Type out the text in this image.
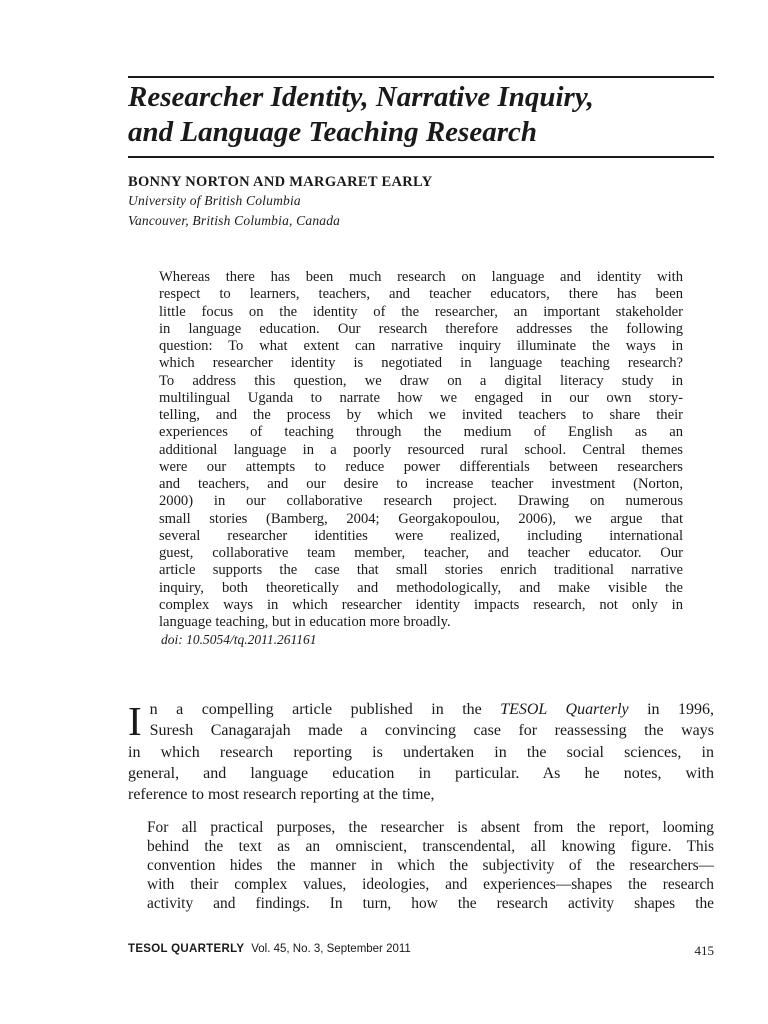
Researcher Identity, Narrative Inquiry,
and Language Teaching Research
BONNY NORTON AND MARGARET EARLY
University of British Columbia
Vancouver, British Columbia, Canada

Whereas there has been much research on language and identity with
respect to learners, teachers, and teacher educators, there has been
little focus on the identity of the researcher, an important stakeholder
in language education. Our research therefore addresses the following
question: To what extent can narrative inquiry illuminate the ways in
which researcher identity is negotiated in language teaching research?
To address this question, we draw on a digital literacy study in
multilingual Uganda to narrate how we engaged in our own story-
telling, and the process by which we invited teachers to share their
experiences of teaching through the medium of English as an
additional language in a poorly resourced rural school. Central themes
were our attempts to reduce power differentials between researchers
and teachers, and our desire to increase teacher investment (Norton,
2000) in our collaborative research project. Drawing on numerous
small stories (Bamberg, 2004; Georgakopoulou, 2006), we argue that
several researcher identities were realized, including international
guest, collaborative team member, teacher, and teacher educator. Our
article supports the case that small stories enrich traditional narrative
inquiry, both theoretically and methodologically, and make visible the
complex ways in which researcher identity impacts research, not only in
language teaching, but in education more broadly.

doi: 10.5054/tq.2011.261161
I n a compelling article published in the TESOL Quarterly in 1996,
Suresh Canagarajah made a convincing case for reassessing the ways
in which research reporting is undertaken in the social sciences, in
general, and language education in particular. As he notes, with
reference to most research reporting at the time,
For all practical purposes, the researcher is absent from the report, looming
behind the text as an omniscient, transcendental, all knowing figure. This
convention hides the manner in which the subjectivity of the researchers—
with their complex values, ideologies, and experiences—shapes the research
activity and findings. In turn, how the research activity shapes the
TESOL QUARTERLY Vol. 45, No. 3, September 2011	415
